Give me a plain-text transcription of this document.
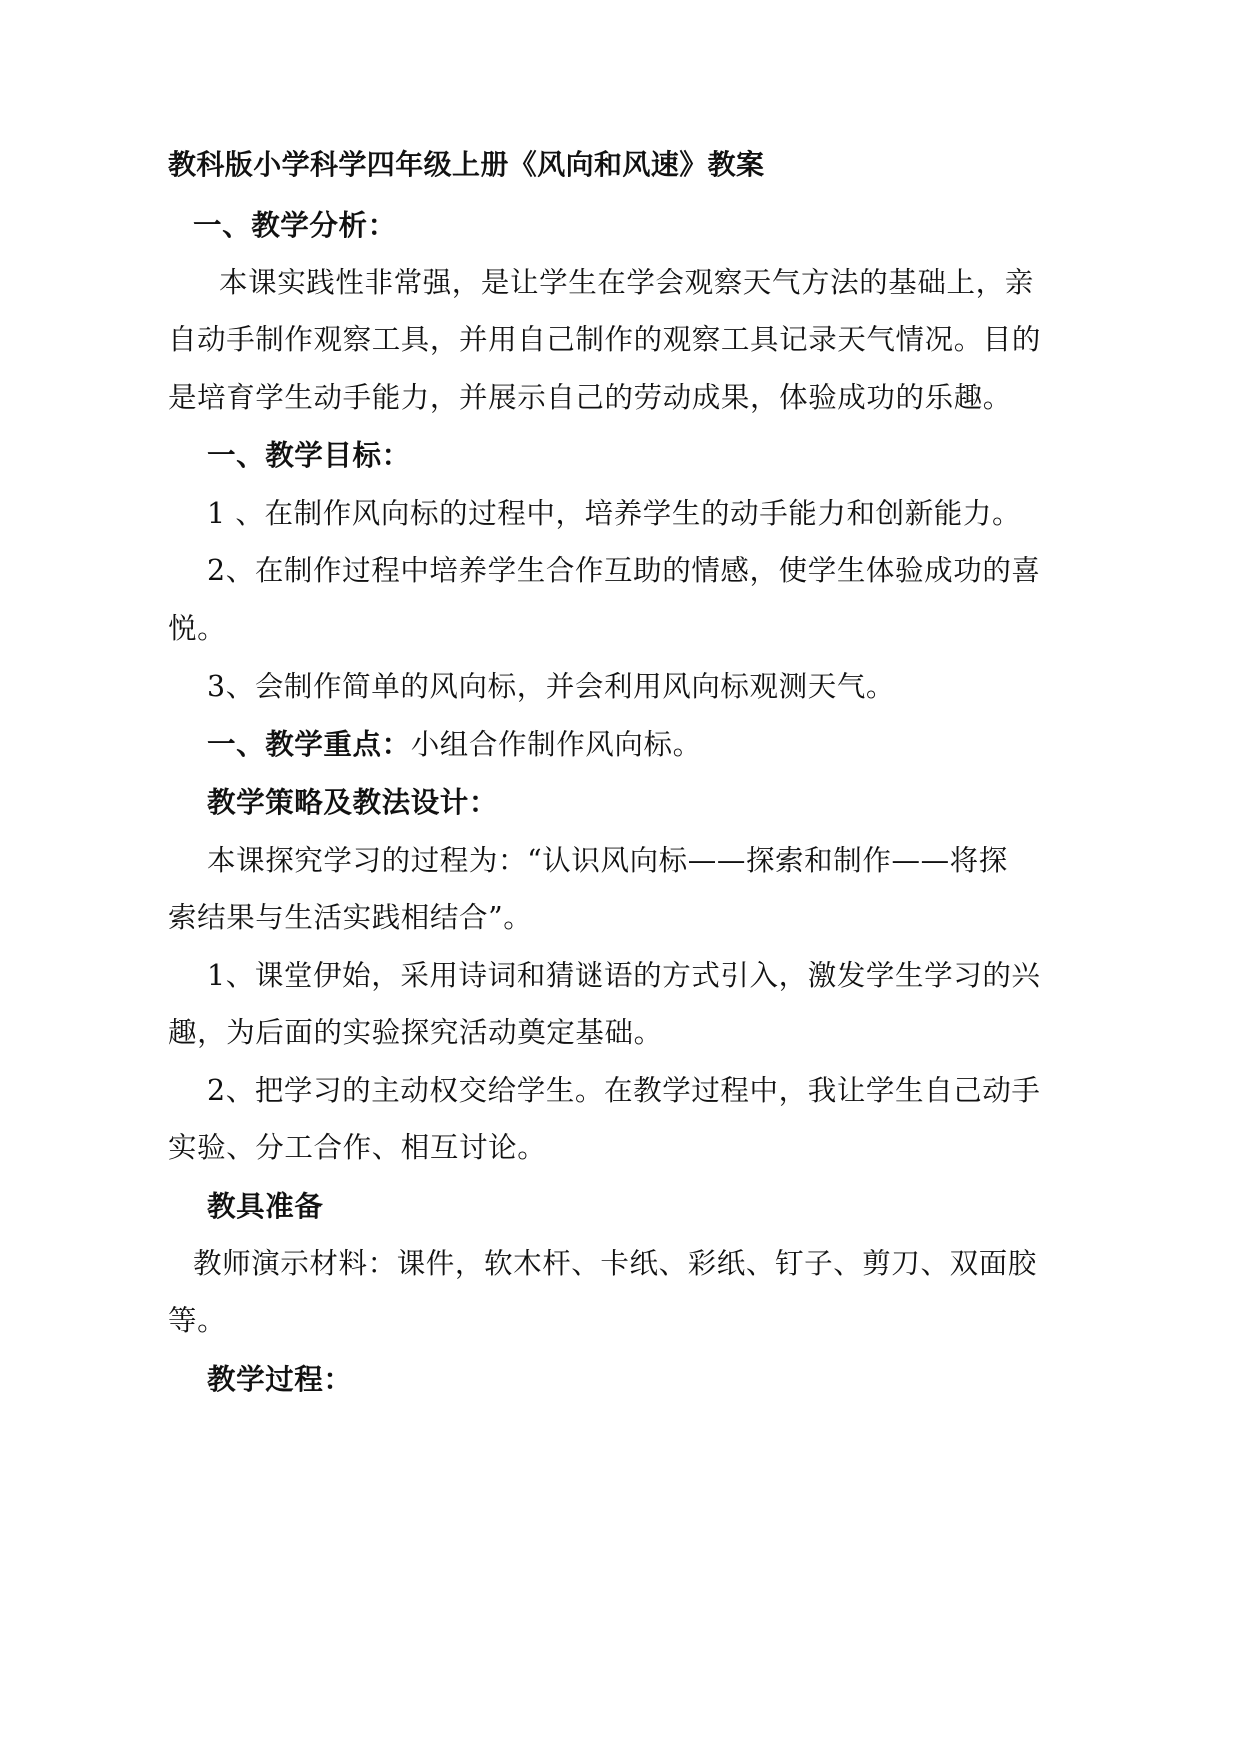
教科版小学科学四年级上册《风向和风速》教案
一、教学分析：
本课实践性非常强，是让学生在学会观察天气方法的基础上，亲
自动手制作观察工具，并用自己制作的观察工具记录天气情况。目的
是培育学生动手能力，并展示自己的劳动成果，体验成功的乐趣。
一、教学目标：
1 、在制作风向标的过程中，培养学生的动手能力和创新能力。
2、在制作过程中培养学生合作互助的情感，使学生体验成功的喜
悦。
3、会制作简单的风向标，并会利用风向标观测天气。
一、教学重点：小组合作制作风向标。
教学策略及教法设计：
本课探究学习的过程为：“认识风向标——探索和制作——将探
索结果与生活实践相结合”。
1、课堂伊始，采用诗词和猜谜语的方式引入，激发学生学习的兴
趣，为后面的实验探究活动奠定基础。
2、把学习的主动权交给学生。在教学过程中，我让学生自己动手
实验、分工合作、相互讨论。
教具准备
教师演示材料：课件，软木杆、卡纸、彩纸、钉子、剪刀、双面胶
等。
教学过程：
